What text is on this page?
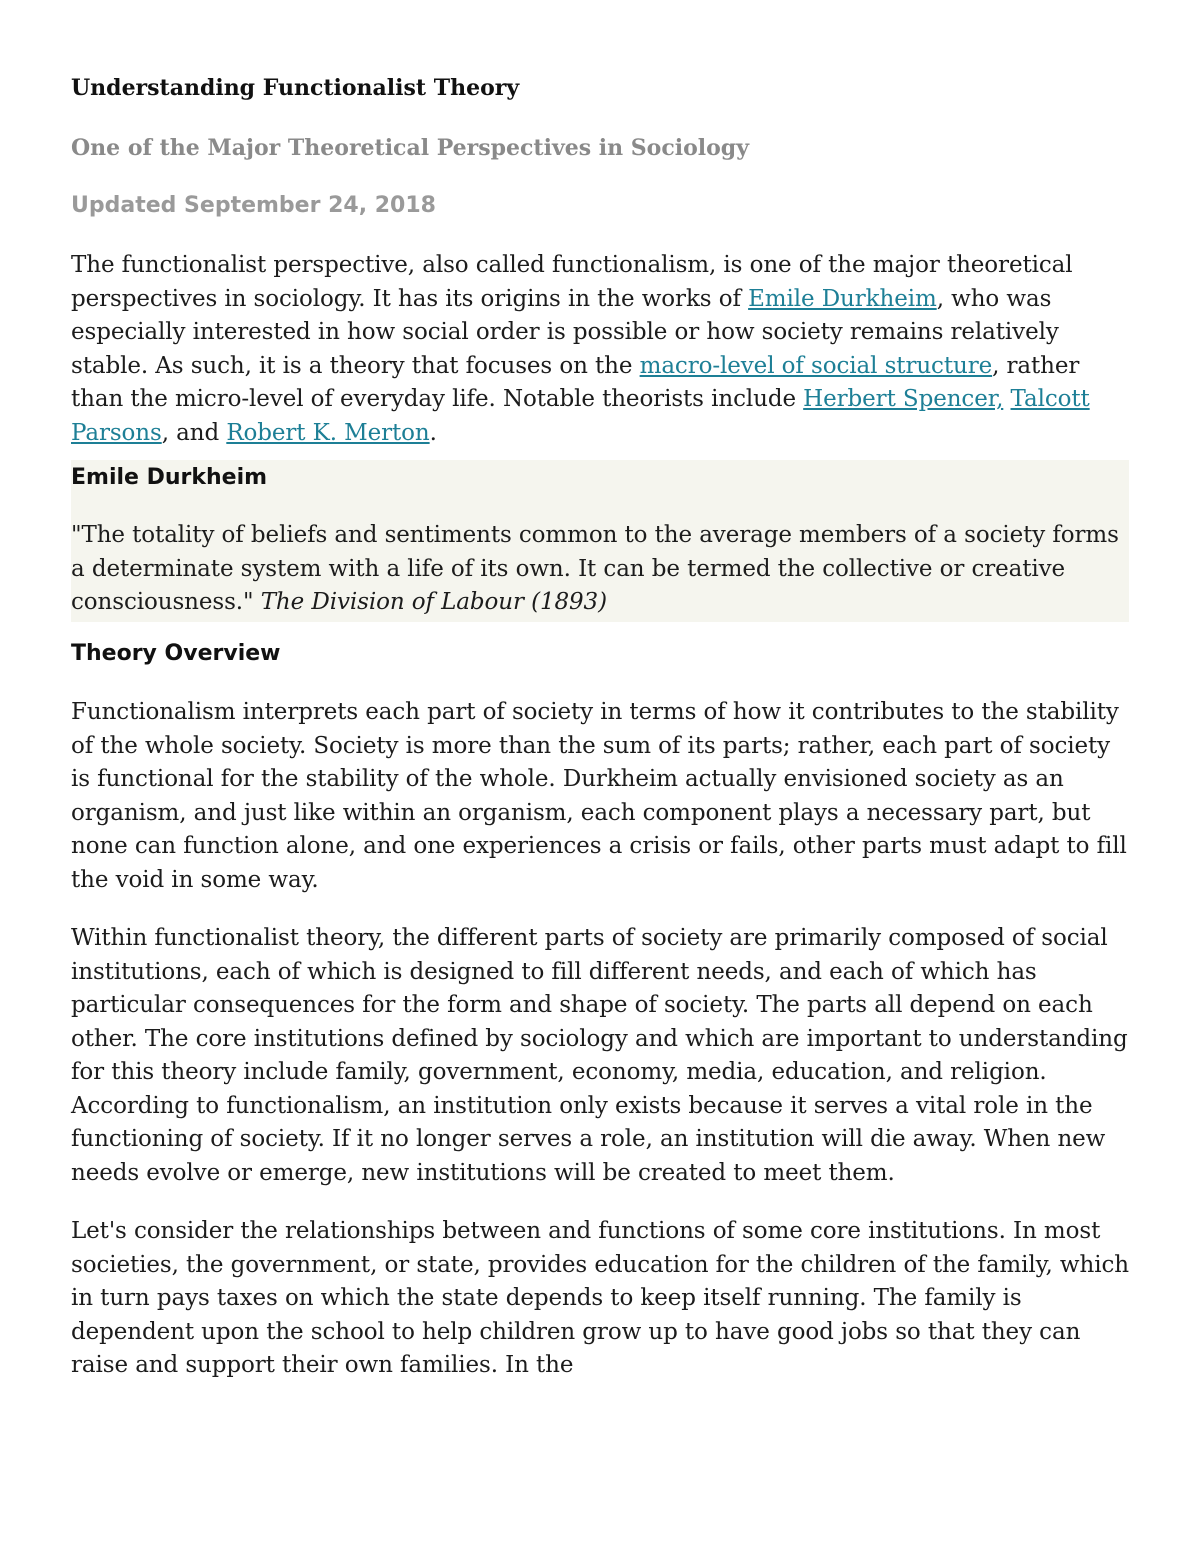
Understanding Functionalist Theory
One of the Major Theoretical Perspectives in Sociology
Updated September 24, 2018

The functionalist perspective, also called functionalism, is one of the major theoretical perspectives in sociology. It has its origins in the works of Emile Durkheim, who was especially interested in how social order is possible or how society remains relatively stable. As such, it is a theory that focuses on the macro-level of social structure, rather than the micro-level of everyday life. Notable theorists include Herbert Spencer, Talcott Parsons, and Robert K. Merton.

Emile Durkheim

"The totality of beliefs and sentiments common to the average members of a society forms a determinate system with a life of its own. It can be termed the collective or creative consciousness." The Division of Labour (1893)

Theory Overview

Functionalism interprets each part of society in terms of how it contributes to the stability of the whole society. Society is more than the sum of its parts; rather, each part of society is functional for the stability of the whole. Durkheim actually envisioned society as an organism, and just like within an organism, each component plays a necessary part, but none can function alone, and one experiences a crisis or fails, other parts must adapt to fill the void in some way.

Within functionalist theory, the different parts of society are primarily composed of social institutions, each of which is designed to fill different needs, and each of which has particular consequences for the form and shape of society. The parts all depend on each other. The core institutions defined by sociology and which are important to understanding for this theory include family, government, economy, media, education, and religion. According to functionalism, an institution only exists because it serves a vital role in the functioning of society. If it no longer serves a role, an institution will die away. When new needs evolve or emerge, new institutions will be created to meet them.

Let's consider the relationships between and functions of some core institutions. In most societies, the government, or state, provides education for the children of the family, which in turn pays taxes on which the state depends to keep itself running. The family is dependent upon the school to help children grow up to have good jobs so that they can raise and support their own families. In the
